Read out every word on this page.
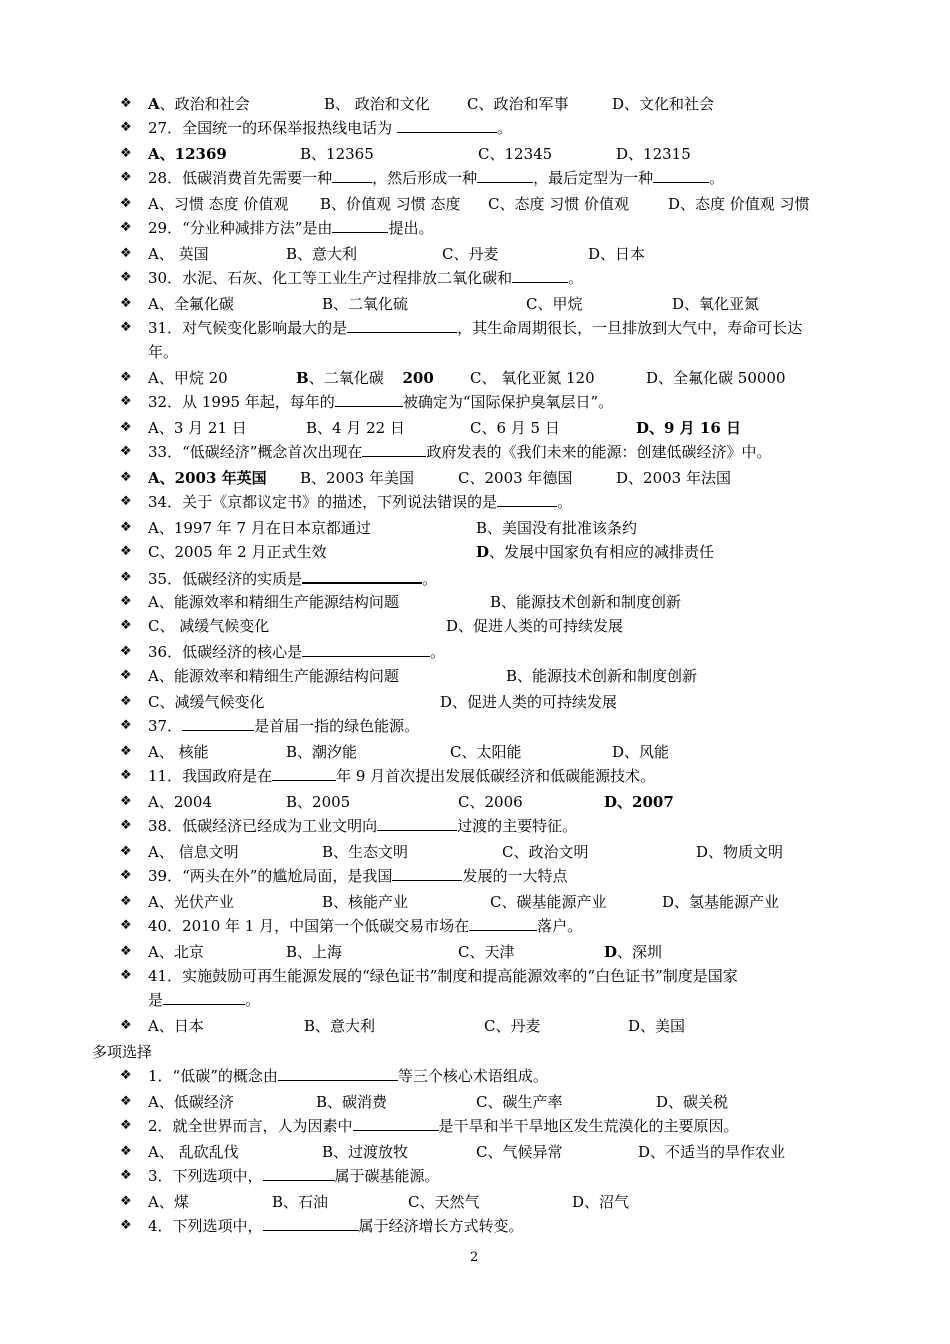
❖	A、政治和社会	B、 政治和文化 C、政治和军事	D、文化和社会
❖	27．全国统一的环保举报热线电话为	。
❖	A、12369	B、12365	C、12345	D、12315
❖	28．低碳消费首先需要一种	，然后形成一种	，最后定型为一种	。
❖	A、习惯 态度 价值观 B、价值观 习惯 态度 C、态度 习惯 价值观	D、态度 价值观 习惯
❖	29．“分业种减排方法”是由	提出。
❖	A、 英国	B、意大利	C、丹麦	D、日本
❖	30．水泥、石灰、化工等工业生产过程排放二氧化碳和	。
❖	A、全氟化碳	B、二氧化硫	C、甲烷	D、氧化亚氮
❖	31．对气候变化影响最大的是	，其生命周期很长，一旦排放到大气中，寿命可长达
年。
❖	A、甲烷 20	B、二氧化碳 200 C、 氧化亚氮 120	D、全氟化碳 50000
❖	32．从 1995 年起，每年的	被确定为“国际保护臭氧层日”。
❖	A、3 月 21 日	B、4 月 22 日	C、6 月 5 日	D、9 月 16 日
❖	33．“低碳经济”概念首次出现在	政府发表的《我们未来的能源：创建低碳经济》中。
❖	A、2003 年英国 B、2003 年美国	C、2003 年德国	D、2003 年法国
❖	34．关于《京都议定书》的描述，下列说法错误的是	。
❖	A、1997 年 7 月在日本京都通过	B、美国没有批准该条约
❖	C、2005 年 2 月正式生效	D、发展中国家负有相应的减排责任
❖	35．低碳经济的实质是	。
❖	A、能源效率和精细生产能源结构问题	B、能源技术创新和制度创新
❖	C、 减缓气候变化	D、促进人类的可持续发展
❖	36．低碳经济的核心是	。
❖	A、能源效率和精细生产能源结构问题	B、能源技术创新和制度创新
❖	C、减缓气候变化	D、促进人类的可持续发展
❖	37．	是首届一指的绿色能源。
❖	A、 核能	B、潮汐能	C、太阳能	D、风能
❖	11．我国政府是在	年 9 月首次提出发展低碳经济和低碳能源技术。
❖	A、2004	B、2005	C、2006	D、2007
❖	38．低碳经济已经成为工业文明向	过渡的主要特征。
❖	A、 信息文明	B、生态文明	C、政治文明	D、物质文明
❖	39．“两头在外”的尴尬局面，是我国	发展的一大特点
❖	A、光伏产业	B、核能产业	C、碳基能源产业	D、氢基能源产业
❖	40．2010 年 1 月，中国第一个低碳交易市场在	落户。
❖	A、北京	B、上海	C、天津	D、深圳
❖	41．实施鼓励可再生能源发展的“绿色证书”制度和提高能源效率的“白色证书”制度是国家
是	。
❖	A、日本	B、意大利	C、丹麦	D、美国
多项选择
❖	1．“低碳”的概念由	等三个核心术语组成。
❖	A、低碳经济	B、碳消费	C、碳生产率	D、碳关税
❖	2．就全世界而言，人为因素中	是干旱和半干旱地区发生荒漠化的主要原因。
❖	A、 乱砍乱伐	B、过渡放牧	C、气候异常	D、不适当的旱作农业
❖	3．下列选项中，	属于碳基能源。
❖	A、煤	B、石油	C、天然气	D、沼气
❖	4．下列选项中，	属于经济增长方式转变。
2
